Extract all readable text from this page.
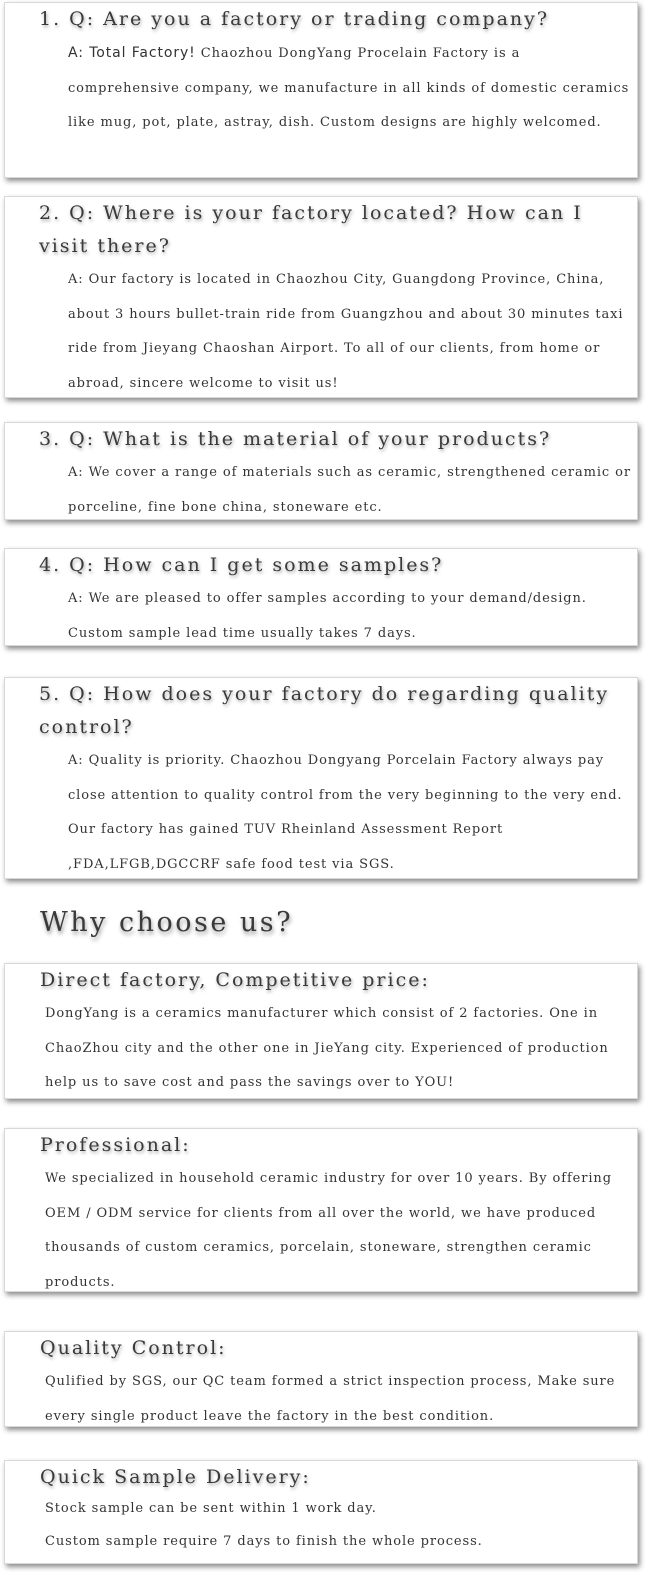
1. Q: Are you a factory or trading company?

A: Total Factory! Chaozhou DongYang Procelain Factory is a comprehensive company, we manufacture in all kinds of domestic ceramics like mug, pot, plate, astray, dish. Custom designs are highly welcomed.

2. Q: Where is your factory located? How can I visit there?

A: Our factory is located in Chaozhou City, Guangdong Province, China, about 3 hours bullet-train ride from Guangzhou and about 30 minutes taxi ride from Jieyang Chaoshan Airport. To all of our clients, from home or abroad, sincere welcome to visit us!

3. Q: What is the material of your products?

A: We cover a range of materials such as ceramic, strengthened ceramic or porceline, fine bone china, stoneware etc.

4. Q: How can I get some samples?

A: We are pleased to offer samples according to your demand/design. Custom sample lead time usually takes 7 days.

5. Q: How does your factory do regarding quality control?

A: Quality is priority. Chaozhou Dongyang Porcelain Factory always pay close attention to quality control from the very beginning to the very end. Our factory has gained TUV Rheinland Assessment Report ,FDA,LFGB,DGCCRF safe food test via SGS.

Why choose us?
Direct factory, Competitive price:

DongYang is a ceramics manufacturer which consist of 2 factories. One in ChaoZhou city and the other one in JieYang city. Experienced of production help us to save cost and pass the savings over to YOU!

Professional:

We specialized in household ceramic industry for over 10 years. By offering OEM / ODM service for clients from all over the world, we have produced thousands of custom ceramics, porcelain, stoneware, strengthen ceramic products.

Quality Control:

Qulified by SGS, our QC team formed a strict inspection process, Make sure every single product leave the factory in the best condition.

Quick Sample Delivery:

Stock sample can be sent within 1 work day.

Custom sample require 7 days to finish the whole process.
